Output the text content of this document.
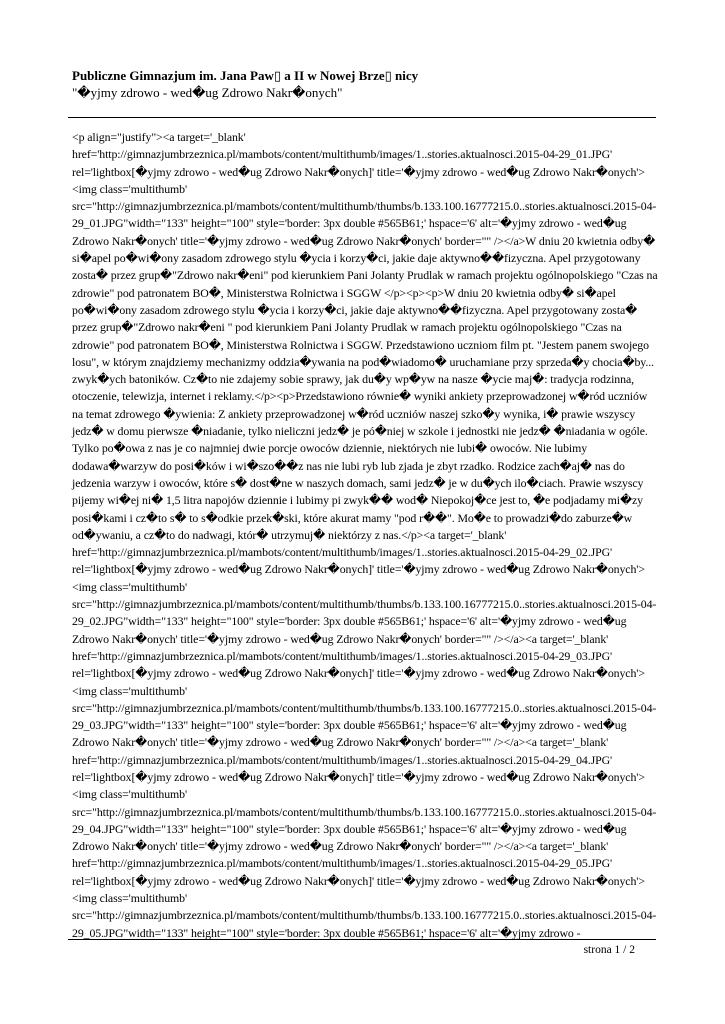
Publiczne Gimnazjum im. Jana Paw▯ a II w Nowej Brze▯ nicy
"�yjmy zdrowo - wed�ug Zdrowo Nakr�onych"
<p align="justify"><a target='_blank' href='http://gimnazjumbrzeznica.pl/mambots/content/multithumb/images/1..stories.aktualnosci.2015-04-29_01.JPG' rel='lightbox[�yjmy zdrowo - wed�ug Zdrowo Nakr�onych]' title='�yjmy zdrowo - wed�ug Zdrowo Nakr�onych'><img class='multithumb' src="http://gimnazjumbrzeznica.pl/mambots/content/multithumb/thumbs/b.133.100.16777215.0..stories.aktualnosci.2015-04-29_01.JPG"width="133" height="100" style='border: 3px double #565B61;' hspace='6' alt='�yjmy zdrowo - wed�ug Zdrowo Nakr�onych' title='�yjmy zdrowo - wed�ug Zdrowo Nakr�onych' border="" /></a>W dniu 20 kwietnia odby� si�apel po�wi�ony zasadom zdrowego stylu �ycia i korzy�ci, jakie daje aktywno��fizyczna. Apel przygotowany zosta� przez grup�"Zdrowo nakr�eni" pod kierunkiem Pani Jolanty Prudlak w ramach projektu ogólnopolskiego "Czas na zdrowie" pod patronatem BO�, Ministerstwa Rolnictwa i SGGW </p><p><p>W dniu 20 kwietnia odby� si�apel po�wi�ony zasadom zdrowego stylu �ycia i korzy�ci, jakie daje aktywno��fizyczna. Apel przygotowany zosta� przez grup�"Zdrowo nakr�eni " pod kierunkiem Pani Jolanty Prudlak w ramach projektu ogólnopolskiego "Czas na zdrowie" pod patronatem BO�, Ministerstwa Rolnictwa i SGGW. Przedstawiono uczniom film pt. "Jestem panem swojego losu", w którym znajdziemy mechanizmy oddzia�ywania na pod�wiadomo� uruchamiane przy sprzeda�y chocia�by... zwyk�ych batoników. Cz�to nie zdajemy sobie sprawy, jak du�y wp�yw na nasze �ycie maj�: tradycja rodzinna, otoczenie, telewizja, internet i reklamy.</p><p>Przedstawiono równie� wyniki ankiety przeprowadzonej w�ród uczniów na temat zdrowego �ywienia: Z ankiety przeprowadzonej w�ród uczniów naszej szko�y wynika, i� prawie wszyscy jedz� w domu pierwsze �niadanie, tylko nieliczni jedz� je pó�niej w szkole i jednostki nie jedz� �niadania w ogóle. Tylko po�owa z nas je co najmniej dwie porcje owoców dziennie, niektórych nie lubi� owoców. Nie lubimy dodawa�warzyw do posi�ków i wi�szo��z nas nie lubi ryb lub zjada je zbyt rzadko. Rodzice zach�aj� nas do jedzenia warzyw i owoców, które s� dost�ne w naszych domach, sami jedz� je w du�ych ilo�ciach. Prawie wszyscy pijemy wi�ej ni� 1,5 litra napojów dziennie i lubimy pi zwyk�� wod� Niepokoj�ce jest to, �e podjadamy mi�zy posi�kami i cz�to s� to s�odkie przek�ski, które akurat mamy "pod r��". Mo�e to prowadzi�do zaburze�w od�ywaniu, a cz�to do nadwagi, któr� utrzymuj� niektórzy z nas.</p><a target='_blank' href='http://gimnazjumbrzeznica.pl/mambots/content/multithumb/images/1..stories.aktualnosci.2015-04-29_02.JPG' rel='lightbox[�yjmy zdrowo - wed�ug Zdrowo Nakr�onych]' title='�yjmy zdrowo - wed�ug Zdrowo Nakr�onych'><img class='multithumb' src="http://gimnazjumbrzeznica.pl/mambots/content/multithumb/thumbs/b.133.100.16777215.0..stories.aktualnosci.2015-04-29_02.JPG"width="133" height="100" style='border: 3px double #565B61;' hspace='6' alt='�yjmy zdrowo - wed�ug Zdrowo Nakr�onych' title='�yjmy zdrowo - wed�ug Zdrowo Nakr�onych' border="" /></a><a target='_blank' href='http://gimnazjumbrzeznica.pl/mambots/content/multithumb/images/1..stories.aktualnosci.2015-04-29_03.JPG' rel='lightbox[�yjmy zdrowo - wed�ug Zdrowo Nakr�onych]' title='�yjmy zdrowo - wed�ug Zdrowo Nakr�onych'><img class='multithumb' src="http://gimnazjumbrzeznica.pl/mambots/content/multithumb/thumbs/b.133.100.16777215.0..stories.aktualnosci.2015-04-29_03.JPG"width="133" height="100" style='border: 3px double #565B61;' hspace='6' alt='�yjmy zdrowo - wed�ug Zdrowo Nakr�onych' title='�yjmy zdrowo - wed�ug Zdrowo Nakr�onych' border="" /></a><a target='_blank' href='http://gimnazjumbrzeznica.pl/mambots/content/multithumb/images/1..stories.aktualnosci.2015-04-29_04.JPG' rel='lightbox[�yjmy zdrowo - wed�ug Zdrowo Nakr�onych]' title='�yjmy zdrowo - wed�ug Zdrowo Nakr�onych'><img class='multithumb' src="http://gimnazjumbrzeznica.pl/mambots/content/multithumb/thumbs/b.133.100.16777215.0..stories.aktualnosci.2015-04-29_04.JPG"width="133" height="100" style='border: 3px double #565B61;' hspace='6' alt='�yjmy zdrowo - wed�ug Zdrowo Nakr�onych' title='�yjmy zdrowo - wed�ug Zdrowo Nakr�onych' border="" /></a><a target='_blank' href='http://gimnazjumbrzeznica.pl/mambots/content/multithumb/images/1..stories.aktualnosci.2015-04-29_05.JPG' rel='lightbox[�yjmy zdrowo - wed�ug Zdrowo Nakr�onych]' title='�yjmy zdrowo - wed�ug Zdrowo Nakr�onych'><img class='multithumb' src="http://gimnazjumbrzeznica.pl/mambots/content/multithumb/thumbs/b.133.100.16777215.0..stories.aktualnosci.2015-04-29_05.JPG"width="133" height="100" style='border: 3px double #565B61;' hspace='6' alt='�yjmy zdrowo -
strona 1 / 2
